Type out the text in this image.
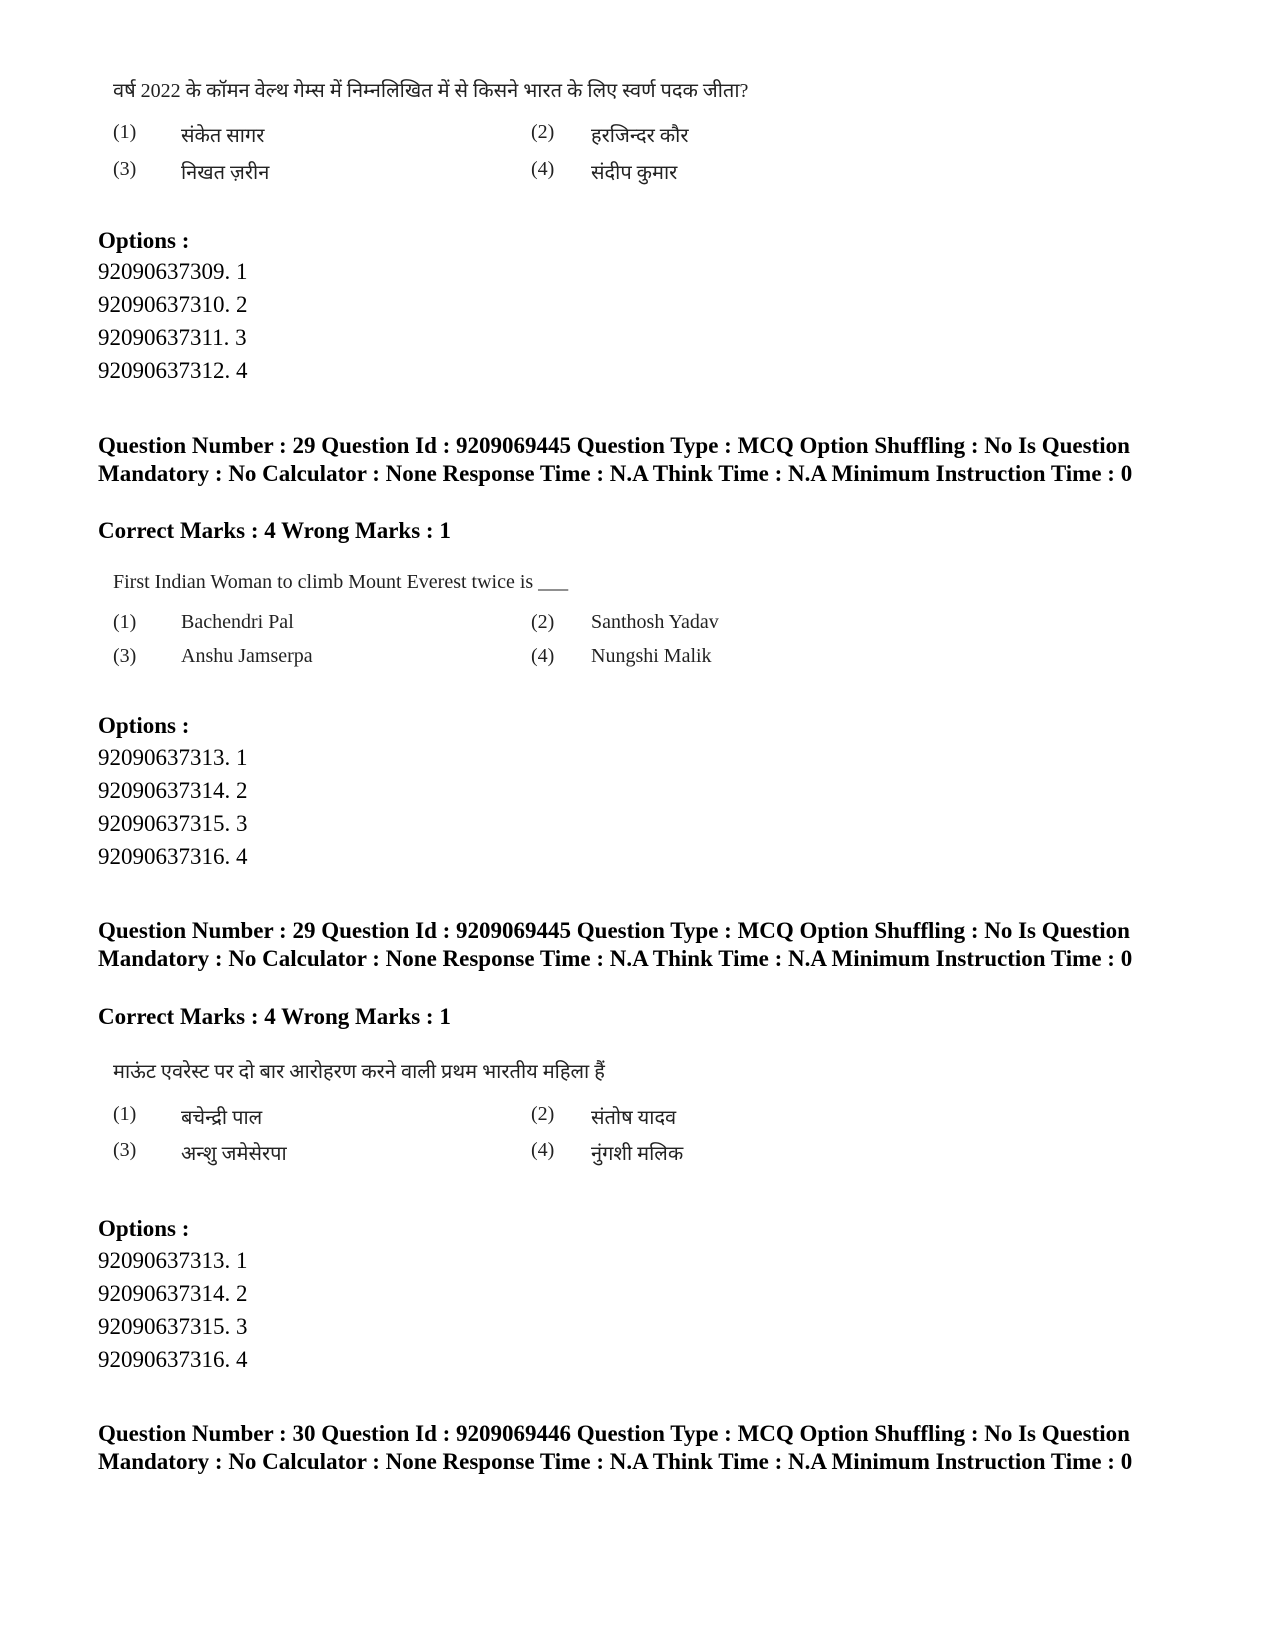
वर्ष 2022 के कॉमन वेल्थ गेम्स में निम्नलिखित में से किसने भारत के लिए स्वर्ण पदक जीता?
(1) संकेत सागर	(2) हरजिन्दर कौर
(3) निखत ज़रीन	(4) संदीप कुमार
Options :
92090637309. 1
92090637310. 2
92090637311. 3
92090637312. 4
Question Number : 29 Question Id : 9209069445 Question Type : MCQ Option Shuffling : No Is Question Mandatory : No Calculator : None Response Time : N.A Think Time : N.A Minimum Instruction Time : 0
Correct Marks : 4 Wrong Marks : 1
First Indian Woman to climb Mount Everest twice is ___
(1) Bachendri Pal	(2) Santhosh Yadav
(3) Anshu Jamserpa	(4) Nungshi Malik
Options :
92090637313. 1
92090637314. 2
92090637315. 3
92090637316. 4
Question Number : 29 Question Id : 9209069445 Question Type : MCQ Option Shuffling : No Is Question Mandatory : No Calculator : None Response Time : N.A Think Time : N.A Minimum Instruction Time : 0
Correct Marks : 4 Wrong Marks : 1
माऊंट एवरेस्ट पर दो बार आरोहरण करने वाली प्रथम भारतीय महिला हैं
(1) बचेन्द्री पाल	(2) संतोष यादव
(3) अन्शु जमेसेरपा	(4) नुंगशी मलिक
Options :
92090637313. 1
92090637314. 2
92090637315. 3
92090637316. 4
Question Number : 30 Question Id : 9209069446 Question Type : MCQ Option Shuffling : No Is Question Mandatory : No Calculator : None Response Time : N.A Think Time : N.A Minimum Instruction Time : 0
